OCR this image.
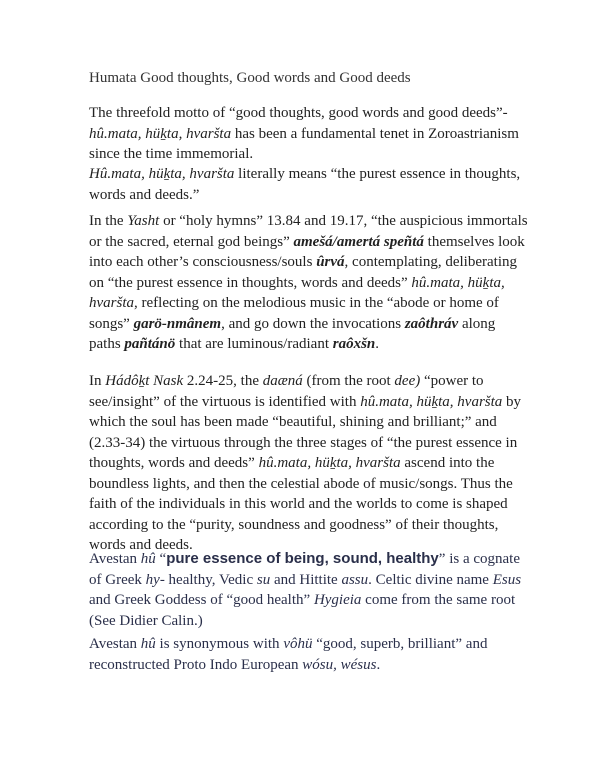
Humata Good thoughts, Good words and Good deeds

The threefold motto of “good thoughts, good words and good deeds”-hû.mata, hüḵta, hvaršta has been a fundamental tenet in Zoroastrianism since the time immemorial.

Hû.mata, hüḵta, hvaršta literally means “the purest essence in thoughts, words and deeds.”

In the Yasht or “holy hymns” 13.84 and 19.17, “the auspicious immortals or the sacred, eternal god beings” amešá/amertá speñtá themselves look into each other’s consciousness/souls ûrvá, contemplating, deliberating on “the purest essence in thoughts, words and deeds” hû.mata, hüḵta, hvaršta, reflecting on the melodious music in the “abode or home of songs” garö-nmânem, and go down the invocations zaôthráv along paths pañtánö that are luminous/radiant raôxšn.

In Hádôḵt Nask 2.24-25, the daæná (from the root dee) “power to see/insight” of the virtuous is identified with hû.mata, hüḵta, hvaršta by which the soul has been made “beautiful, shining and brilliant;” and (2.33-34) the virtuous through the three stages of “the purest essence in thoughts, words and deeds” hû.mata, hüḵta, hvaršta ascend into the boundless lights, and then the celestial abode of music/songs. Thus the faith of the individuals in this world and the worlds to come is shaped according to the “purity, soundness and goodness” of their thoughts, words and deeds.

Avestan hû “pure essence of being, sound, healthy” is a cognate of Greek hy- healthy, Vedic su and Hittite assu. Celtic divine name Esus and Greek Goddess of “good health” Hygieia come from the same root (See Didier Calin.)

Avestan hû is synonymous with vôhü “good, superb, brilliant” and reconstructed Proto Indo European wósu, wésus.
